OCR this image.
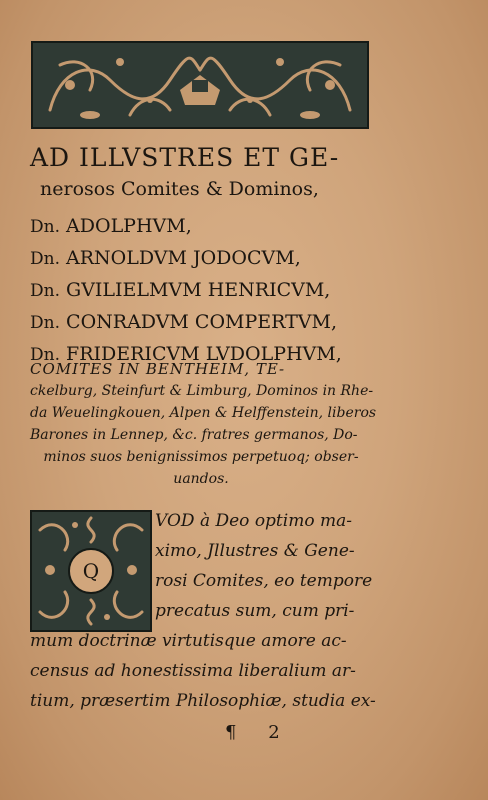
AD ILLVSTRES ET GE-
nerosos Comites & Dominos,
Dn. ADOLPHVM,
Dn. ARNOLDVM JODOCVM,
Dn. GVILIELMVM HENRICVM,
Dn. CONRADVM COMPERTVM,
Dn. FRIDERICVM LVDOLPHVM,
COMITES IN BENTHEIM, TE-
ckelburg, Steinfurt & Limburg, Dominos in Rhe-
da Weuelingkouen, Alpen & Helffenstein, liberos
Barones in Lennep, &c. fratres germanos, Do-
minos suos benignissimos perpetuoq; obser-
uandos.
Q
VOD à Deo optimo ma-
ximo, Jllustres & Gene-
rosi Comites, eo tempore
precatus sum, cum pri-
mum doctrinæ virtutisque amore ac-
census ad honestissima liberalium ar-
tium, præsertim Philosophiæ, studia ex-
¶ 2
